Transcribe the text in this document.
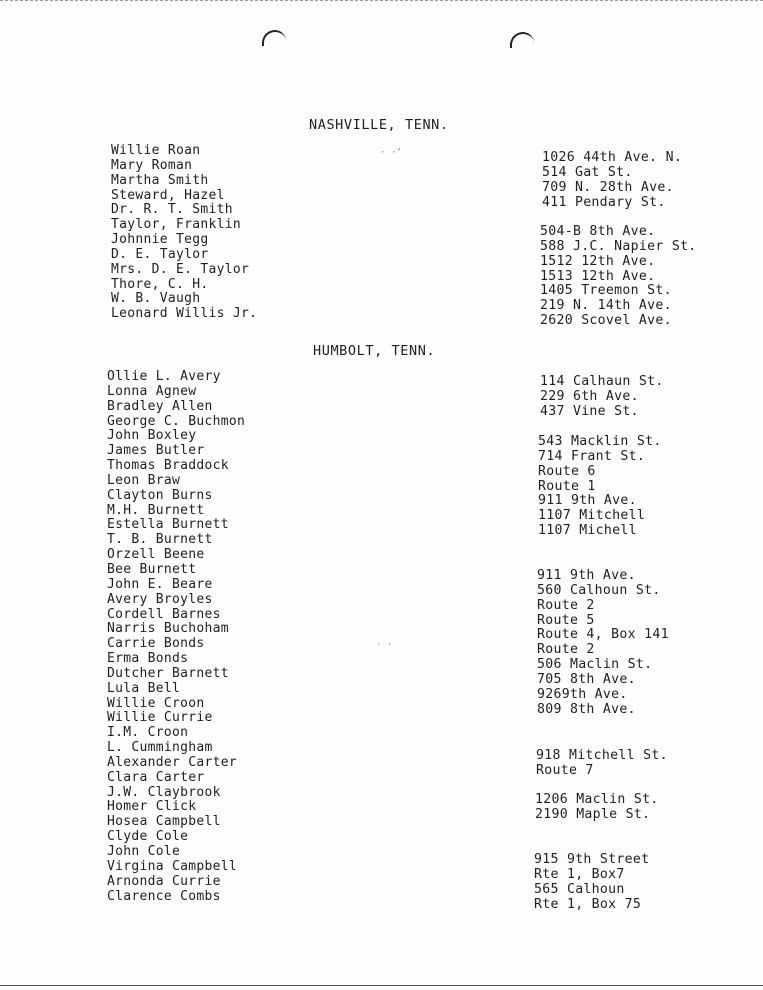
· ·’
· ·
NASHVILLE, TENN.
Willie Roan
Mary Roman
Martha Smith
Steward, Hazel
Dr. R. T. Smith
Taylor, Franklin
Johnnie Tegg
D. E. Taylor
Mrs. D. E. Taylor
Thore, C. H.
W. B. Vaugh
Leonard Willis Jr.
1026 44th Ave. N.
514 Gat St.
709 N. 28th Ave.
411 Pendary St.
504-B 8th Ave.
588 J.C. Napier St.
1512 12th Ave.
1513 12th Ave.
1405 Treemon St.
219 N. 14th Ave.
2620 Scovel Ave.
HUMBOLT, TENN.
Ollie L. Avery
Lonna Agnew
Bradley Allen
George C. Buchmon
John Boxley
James Butler
Thomas Braddock
Leon Braw
Clayton Burns
M.H. Burnett
Estella Burnett
T. B. Burnett
Orzell Beene
Bee Burnett
John E. Beare
Avery Broyles
Cordell Barnes
Narris Buchoham
Carrie Bonds
Erma Bonds
Dutcher Barnett
Lula Bell
Willie Croon
Willie Currie
I.M. Croon
L. Cummingham
Alexander Carter
Clara Carter
J.W. Claybrook
Homer Click
Hosea Campbell
Clyde Cole
John Cole
Virgina Campbell
Arnonda Currie
Clarence Combs
114 Calhaun St.
229 6th Ave.
437 Vine St.
543 Macklin St.
714 Frant St.
Route 6
Route 1
911 9th Ave.
1107 Mitchell
1107 Michell
911 9th Ave.
560 Calhoun St.
Route 2
Route 5
Route 4, Box 141
Route 2
506 Maclin St.
705 8th Ave.
9269th Ave.
809 8th Ave.
918 Mitchell St.
Route 7
1206 Maclin St.
2190 Maple St.
915 9th Street
Rte 1, Box7
565 Calhoun
Rte 1, Box 75
